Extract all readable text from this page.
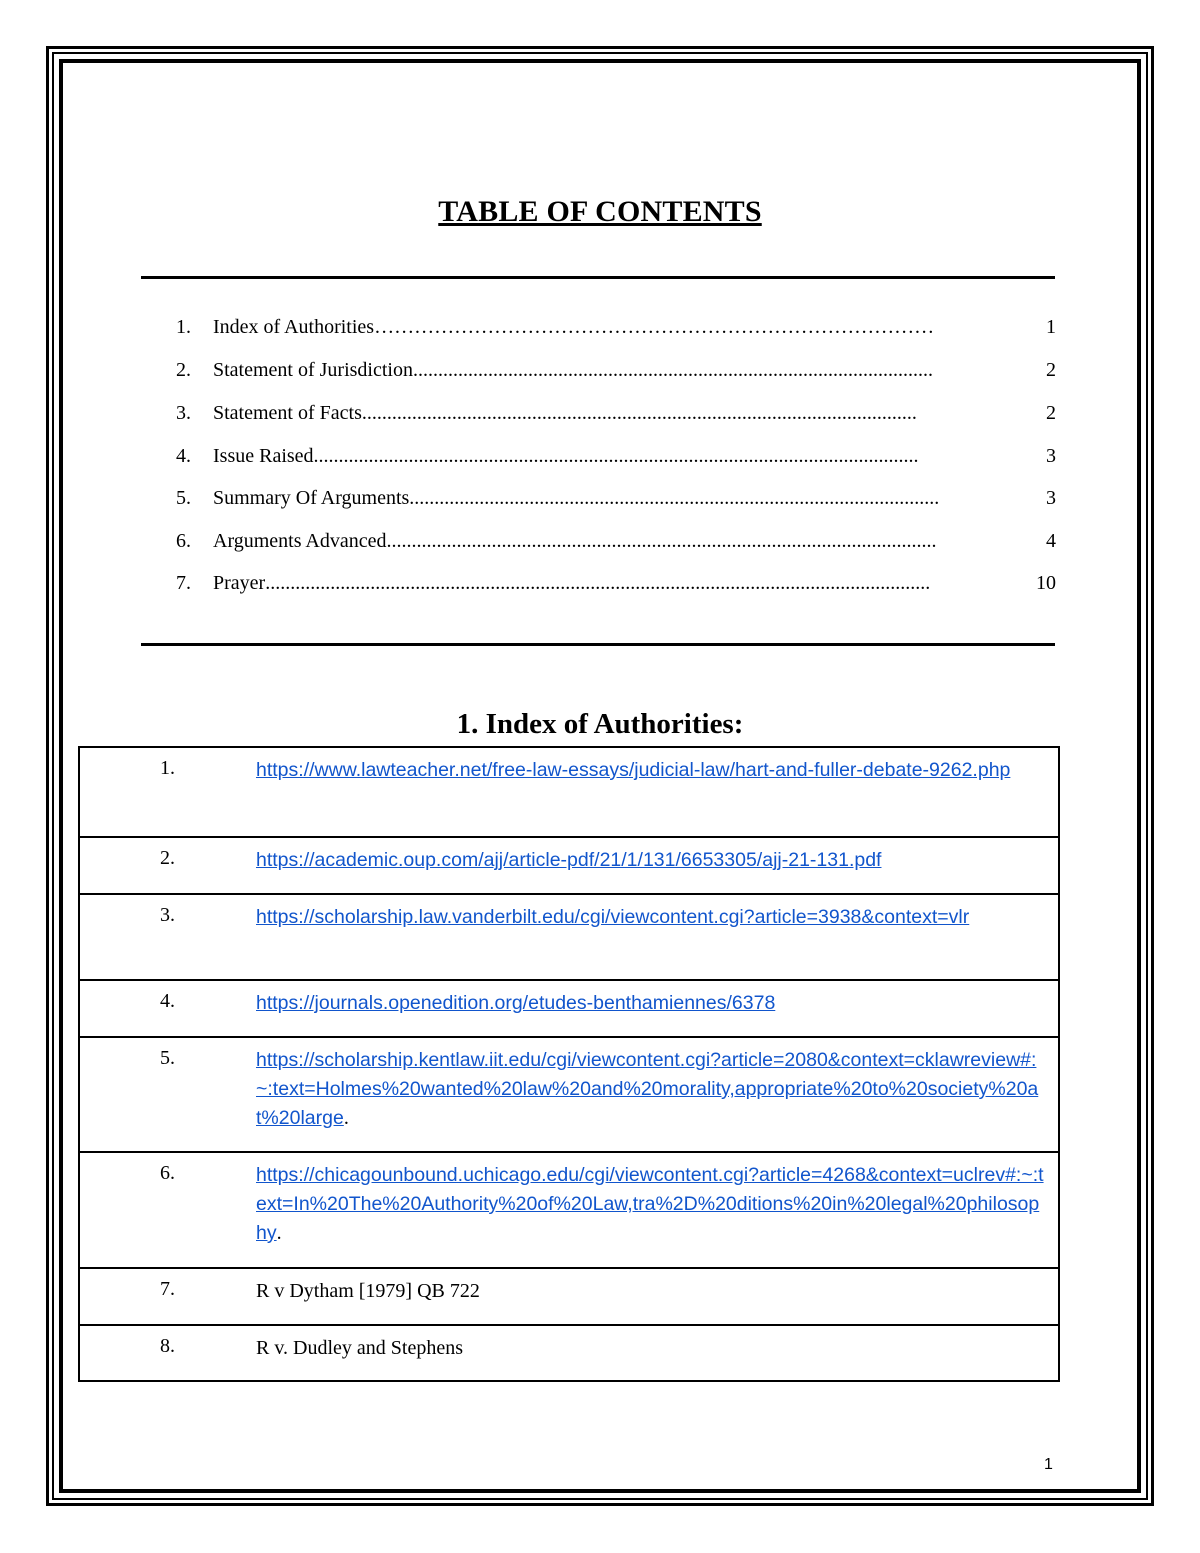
TABLE OF CONTENTS
1.	Index of Authorities …………………………………………………………………………	1
2.	Statement of Jurisdiction ........................................................................................................	2
3.	Statement of Facts ...............................................................................................................	2
4.	Issue Raised .........................................................................................................................	3
5.	Summary Of Arguments ..........................................................................................................	3
6.	Arguments Advanced ..............................................................................................................	4
7.	Prayer .....................................................................................................................................	10
1. Index of Authorities:
1.	https://www.lawteacher.net/free-law-essays/judicial-law/hart-and-fuller-debate-9262.php
2.	https://academic.oup.com/ajj/article-pdf/21/1/131/6653305/ajj-21-131.pdf
3.	https://scholarship.law.vanderbilt.edu/cgi/viewcontent.cgi?article=3938&context=vlr
4.	https://journals.openedition.org/etudes-benthamiennes/6378
5.	https://scholarship.kentlaw.iit.edu/cgi/viewcontent.cgi?article=2080&context=cklawreview#:~:text=Holmes%20wanted%20law%20and%20morality,appropriate%20to%20society%20at%20large.
6.	https://chicagounbound.uchicago.edu/cgi/viewcontent.cgi?article=4268&context=uclrev#:~:text=In%20The%20Authority%20of%20Law,tra%2D%20ditions%20in%20legal%20philosophy.
7.	R v Dytham [1979] QB 722
8.	R v. Dudley and Stephens
1
